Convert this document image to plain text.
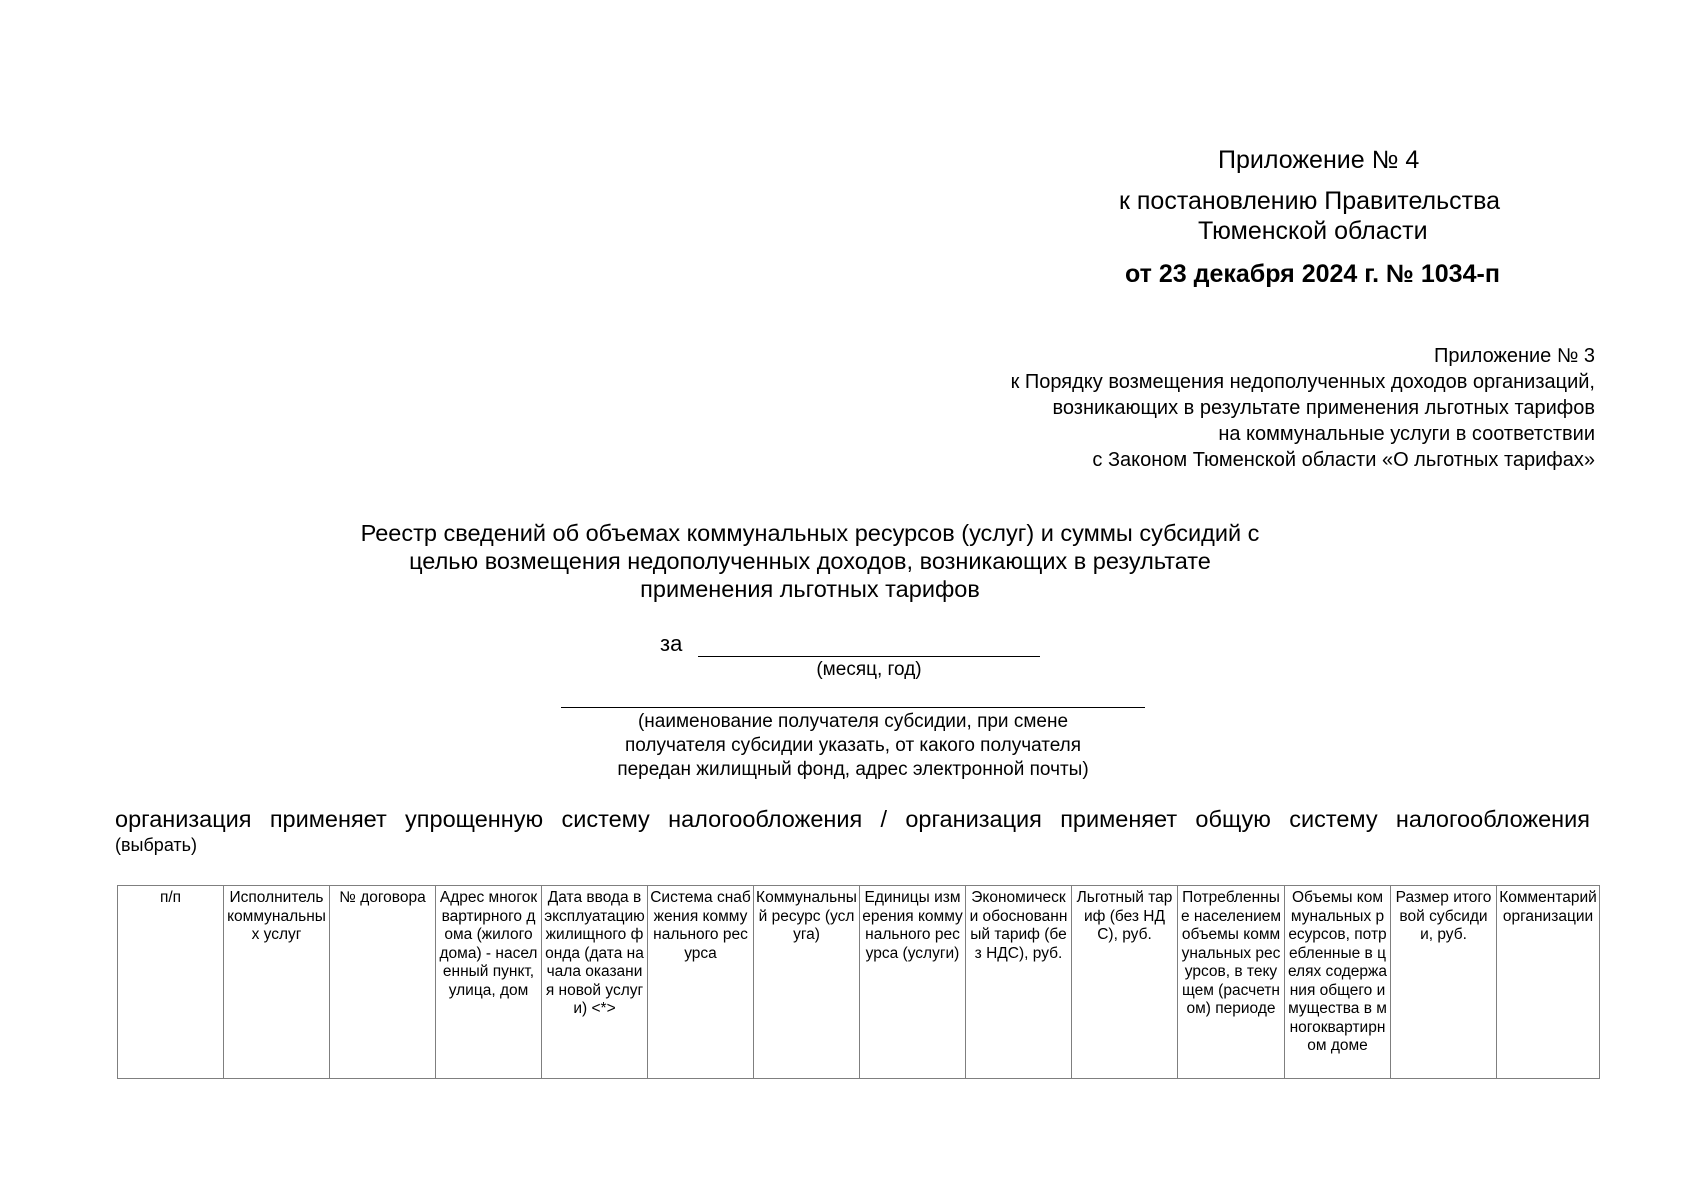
Приложение № 4
к постановлению Правительства
Тюменской области
от 23 декабря 2024 г. № 1034-п
Приложение № 3
к Порядку возмещения недополученных доходов организаций,
возникающих в результате применения льготных тарифов
на коммунальные услуги в соответствии
с Законом Тюменской области «О льготных тарифах»
Реестр сведений об объемах коммунальных ресурсов (услуг) и суммы субсидий с
целью возмещения недополученных доходов, возникающих в результате
применения льготных тарифов
за
(месяц, год)
(наименование получателя субсидии, при смене
получателя субсидии указать, от какого получателя
передан жилищный фонд, адрес электронной почты)
организация применяет упрощенную систему налогообложения / организация применяет общую систему налогообложения
(выбрать)
п/п	Исполнитель коммунальных услуг	№ договора	Адрес многоквартирного дома (жилого дома) - населенный пункт, улица, дом	Дата ввода в эксплуатацию жилищного фонда (дата начала оказания новой услуги) <*>	Система снабжения коммунального ресурса	Коммунальный ресурс (услуга)	Единицы измерения коммунального ресурса (услуги)	Экономически обоснованный тариф (без НДС), руб.	Льготный тариф (без НДС), руб.	Потребленные населением объемы коммунальных ресурсов, в текущем (расчетном) периоде	Объемы коммунальных ресурсов, потребленные в целях содержания общего имущества в многоквартирном доме	Размер итоговой субсидии, руб.	Комментарий организации
